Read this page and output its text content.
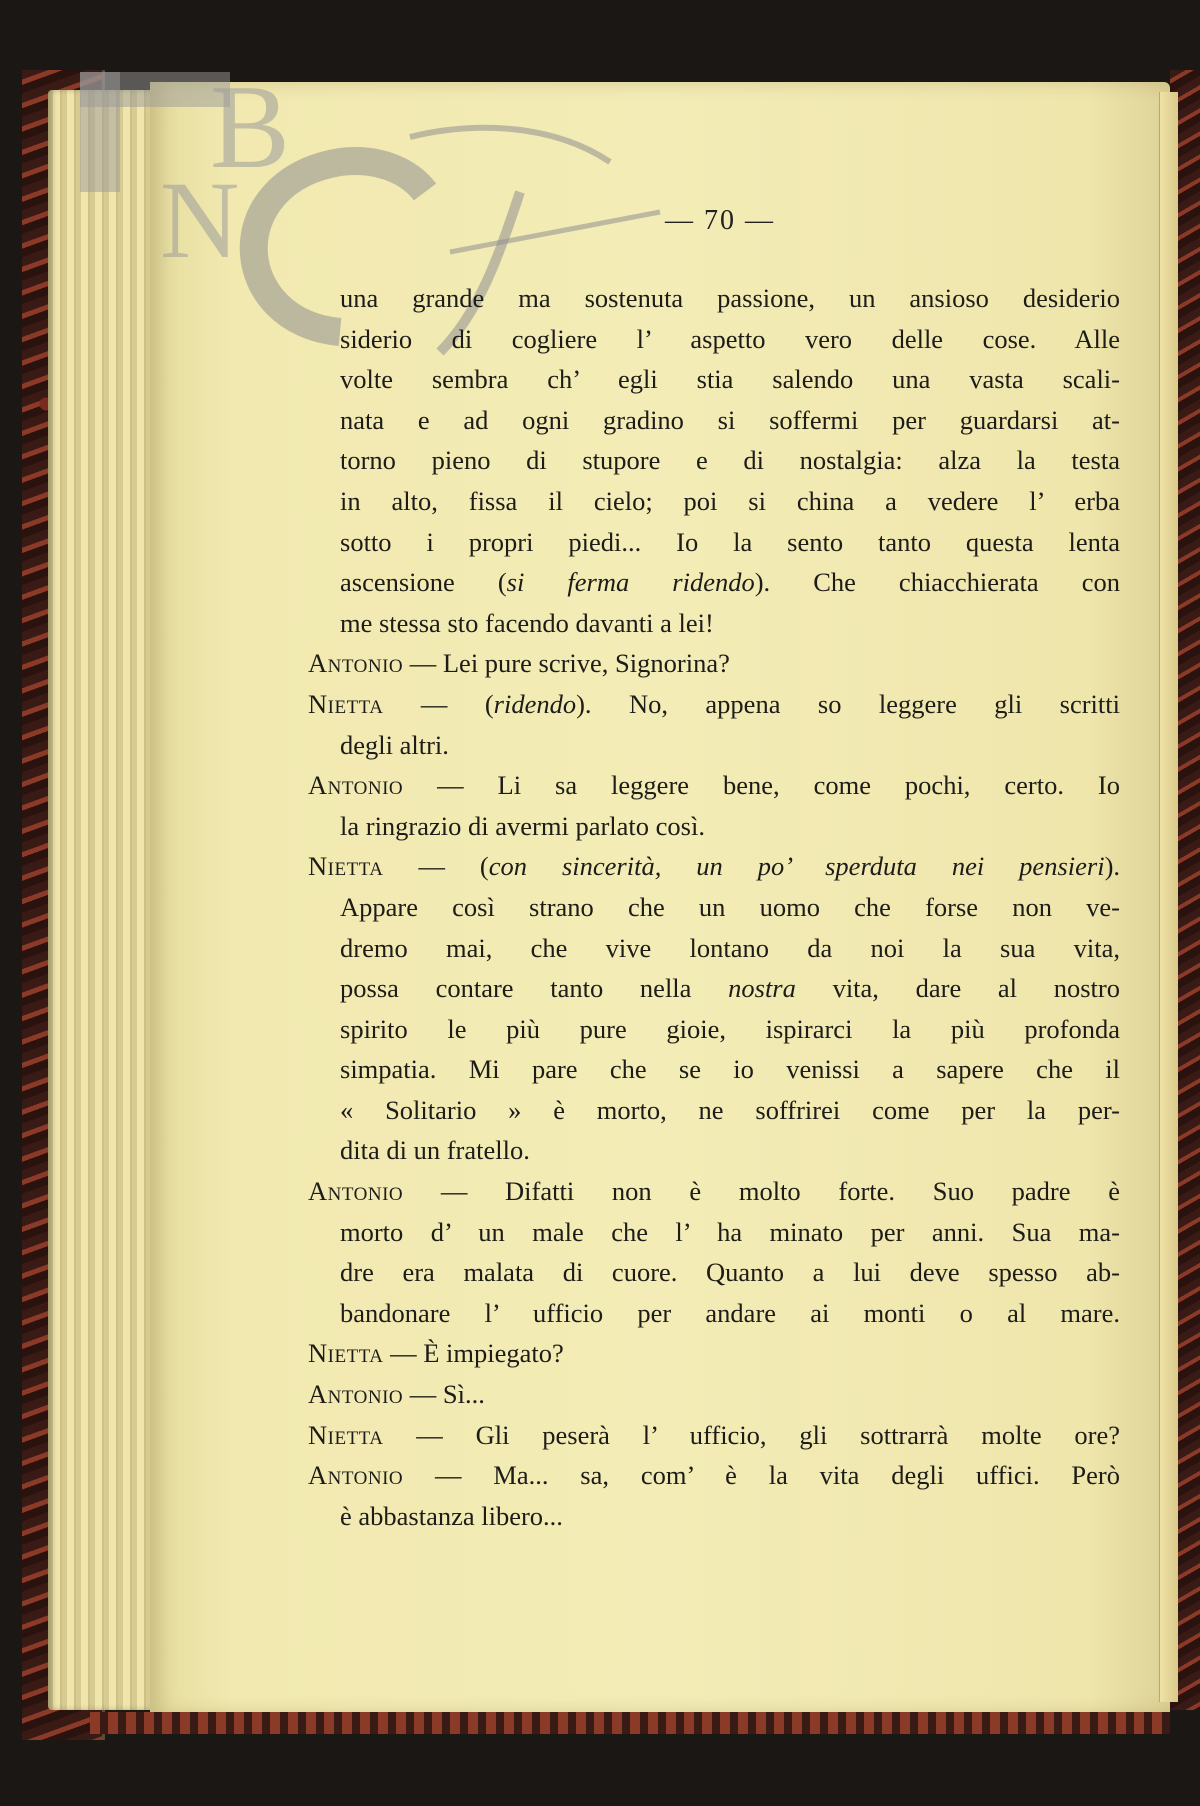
B
N	— 70 —
una grande ma sostenuta passione, un ansioso desiderio
siderio di cogliere l’ aspetto vero delle cose. Alle
volte sembra ch’ egli stia salendo una vasta scali-
nata e ad ogni gradino si soffermi per guardarsi at-
torno pieno di stupore e di nostalgia: alza la testa
in alto, fissa il cielo; poi si china a vedere l’ erba
sotto i propri piedi... Io la sento tanto questa lenta
ascensione (si ferma ridendo). Che chiacchierata con
me stessa sto facendo davanti a lei!
Antonio — Lei pure scrive, Signorina?
Nietta — (ridendo). No, appena so leggere gli scritti
degli altri.
Antonio — Li sa leggere bene, come pochi, certo. Io
la ringrazio di avermi parlato così.
Nietta — (con sincerità, un po’ sperduta nei pensieri).
Appare così strano che un uomo che forse non ve-
dremo mai, che vive lontano da noi la sua vita,
possa contare tanto nella nostra vita, dare al nostro
spirito le più pure gioie, ispirarci la più profonda
simpatia. Mi pare che se io venissi a sapere che il
« Solitario » è morto, ne soffrirei come per la per-
dita di un fratello.
Antonio — Difatti non è molto forte. Suo padre è
morto d’ un male che l’ ha minato per anni. Sua ma-
dre era malata di cuore. Quanto a lui deve spesso ab-
bandonare l’ ufficio per andare ai monti o al mare.
Nietta — È impiegato?
Antonio — Sì...
Nietta — Gli peserà l’ ufficio, gli sottrarrà molte ore?
Antonio — Ma... sa, com’ è la vita degli uffici. Però
è abbastanza libero...
